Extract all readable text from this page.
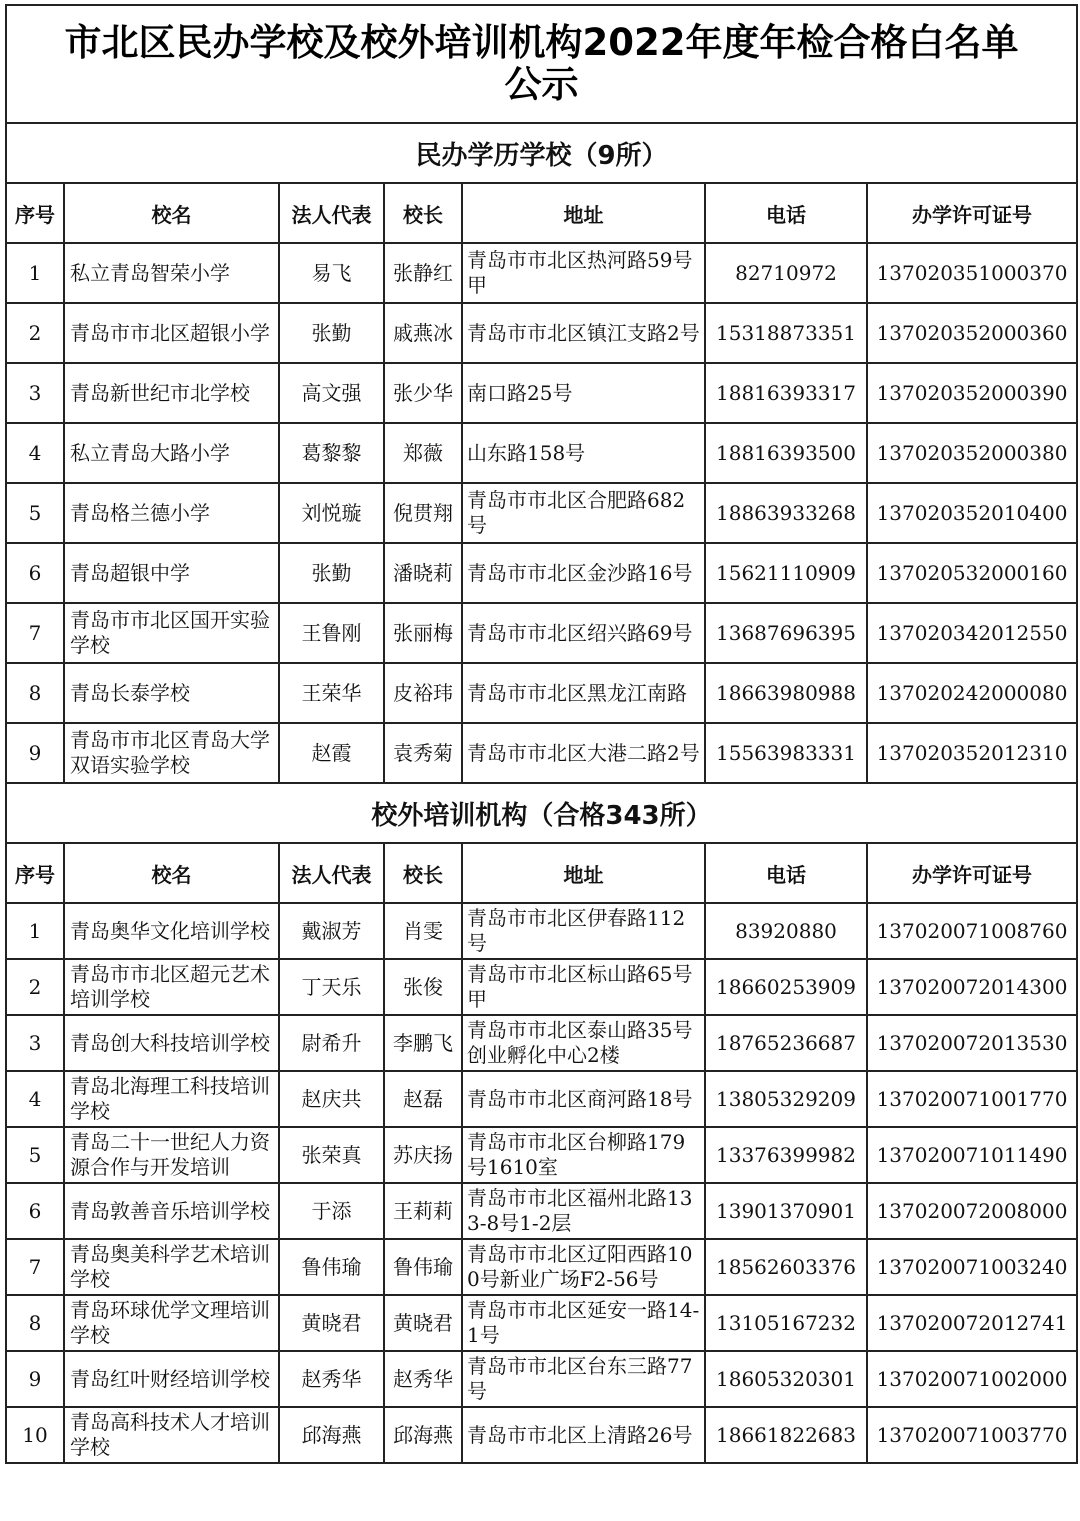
市北区民办学校及校外培训机构2022年度年检合格白名单公示						
民办学历学校（9所）						
序号	校名	法人代表	校长	地址	电话	办学许可证号

1	私立青岛智荣小学	易飞	张静红	青岛市市北区热河路59号甲	82710972	137020351000370

2	青岛市市北区超银小学	张勤	戚燕冰	青岛市市北区镇江支路2号	15318873351	137020352000360

3	青岛新世纪市北学校	高文强	张少华	南口路25号	18816393317	137020352000390

4	私立青岛大路小学	葛黎黎	郑薇	山东路158号	18816393500	137020352000380

5	青岛格兰德小学	刘悦璇	倪贯翔	青岛市市北区合肥路682号	18863933268	137020352010400

6	青岛超银中学	张勤	潘晓莉	青岛市市北区金沙路16号	15621110909	137020532000160

7	青岛市市北区国开实验学校	王鲁刚	张丽梅	青岛市市北区绍兴路69号	13687696395	137020342012550

8	青岛长泰学校	王荣华	皮裕玮	青岛市市北区黑龙江南路	18663980988	137020242000080

9	青岛市市北区青岛大学双语实验学校	赵霞	袁秀菊	青岛市市北区大港二路2号	15563983331	137020352012310

校外培训机构（合格343所）						
序号	校名	法人代表	校长	地址	电话	办学许可证号

1	青岛奥华文化培训学校	戴淑芳	肖雯	青岛市市北区伊春路112号	83920880	137020071008760

2	青岛市市北区超元艺术培训学校	丁天乐	张俊	青岛市市北区标山路65号甲	18660253909	137020072014300

3	青岛创大科技培训学校	尉希升	李鹏飞	青岛市市北区泰山路35号创业孵化中心2楼	18765236687	137020072013530

4	青岛北海理工科技培训学校	赵庆共	赵磊	青岛市市北区商河路18号	13805329209	137020071001770

5	青岛二十一世纪人力资源合作与开发培训	张荣真	苏庆扬	青岛市市北区台柳路179号1610室	13376399982	137020071011490

6	青岛敦善音乐培训学校	于添	王莉莉	青岛市市北区福州北路133-8号1-2层	13901370901	137020072008000

7	青岛奥美科学艺术培训学校	鲁伟瑜	鲁伟瑜	青岛市市北区辽阳西路100号新业广场F2-56号	18562603376	137020071003240

8	青岛环球优学文理培训学校	黄晓君	黄晓君	青岛市市北区延安一路14-1号	13105167232	137020072012741

9	青岛红叶财经培训学校	赵秀华	赵秀华	青岛市市北区台东三路77号	18605320301	137020071002000

10	青岛高科技术人才培训学校	邱海燕	邱海燕	青岛市市北区上清路26号	18661822683	137020071003770
